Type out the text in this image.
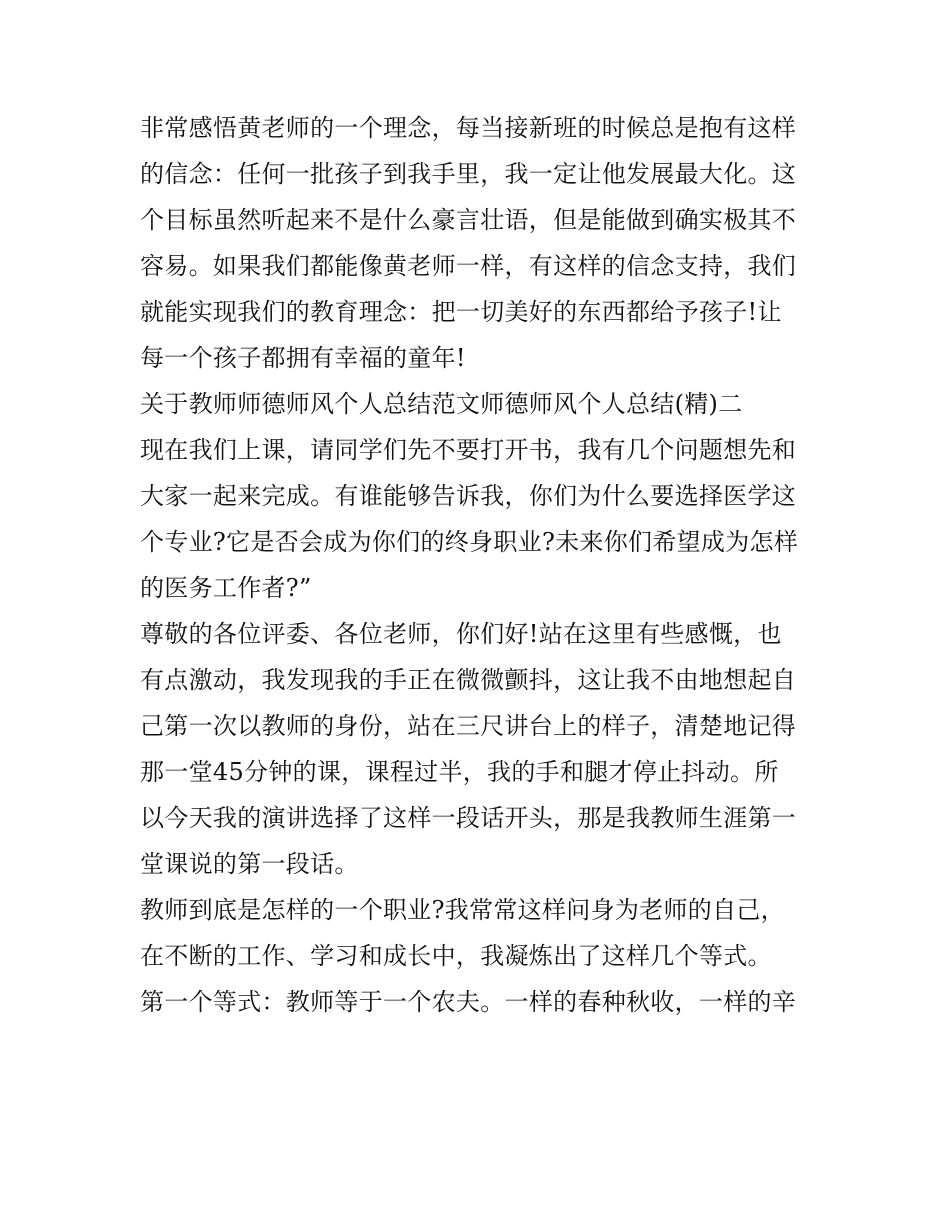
非常感悟黄老师的一个理念，每当接新班的时候总是抱有这样
的信念：任何一批孩子到我手里，我一定让他发展最大化。这
个目标虽然听起来不是什么豪言壮语，但是能做到确实极其不
容易。如果我们都能像黄老师一样，有这样的信念支持，我们
就能实现我们的教育理念：把一切美好的东西都给予孩子!让
每一个孩子都拥有幸福的童年!
关于教师师德师风个人总结范文师德师风个人总结(精)二
现在我们上课，请同学们先不要打开书，我有几个问题想先和
大家一起来完成。有谁能够告诉我，你们为什么要选择医学这
个专业?它是否会成为你们的终身职业?未来你们希望成为怎样
的医务工作者?”
尊敬的各位评委、各位老师，你们好!站在这里有些感慨，也
有点激动，我发现我的手正在微微颤抖，这让我不由地想起自
己第一次以教师的身份，站在三尺讲台上的样子，清楚地记得
那一堂45分钟的课，课程过半，我的手和腿才停止抖动。所
以今天我的演讲选择了这样一段话开头，那是我教师生涯第一
堂课说的第一段话。
教师到底是怎样的一个职业?我常常这样问身为老师的自己，
在不断的工作、学习和成长中，我凝炼出了这样几个等式。
第一个等式：教师等于一个农夫。一样的春种秋收，一样的辛
